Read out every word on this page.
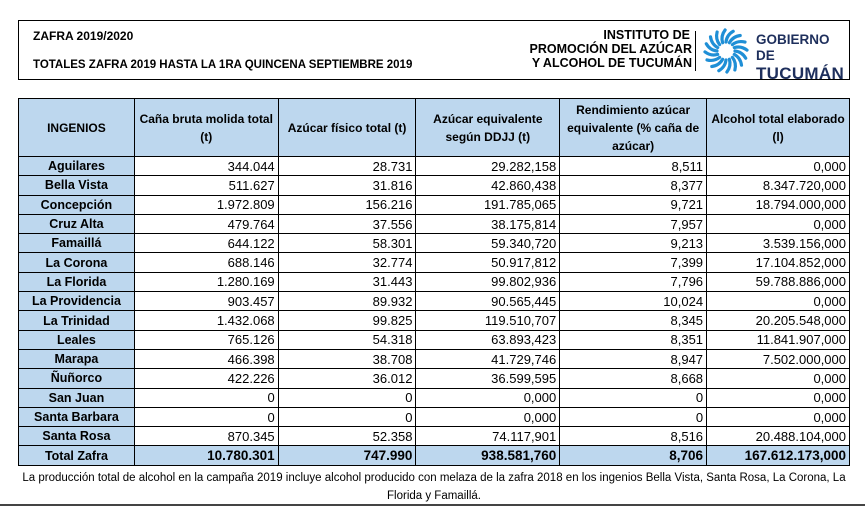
ZAFRA 2019/2020
TOTALES ZAFRA 2019 HASTA LA 1RA QUINCENA SEPTIEMBRE 2019
INSTITUTO DE
PROMOCIÓN DEL AZÚCAR
Y ALCOHOL DE TUCUMÁN
GOBIERNO DE
TUCUMÁN
INGENIOS	Caña bruta molida total (t)	Azúcar físico total (t)	Azúcar equivalente según DDJJ (t)	Rendimiento azúcar equivalente (% caña de azúcar)	Alcohol total elaborado (l)
Aguilares	344.044	28.731	29.282,158	8,511	0,000
Bella Vista	511.627	31.816	42.860,438	8,377	8.347.720,000
Concepción	1.972.809	156.216	191.785,065	9,721	18.794.000,000
Cruz Alta	479.764	37.556	38.175,814	7,957	0,000
Famaillá	644.122	58.301	59.340,720	9,213	3.539.156,000
La Corona	688.146	32.774	50.917,812	7,399	17.104.852,000
La Florida	1.280.169	31.443	99.802,936	7,796	59.788.886,000
La Providencia	903.457	89.932	90.565,445	10,024	0,000
La Trinidad	1.432.068	99.825	119.510,707	8,345	20.205.548,000
Leales	765.126	54.318	63.893,423	8,351	11.841.907,000
Marapa	466.398	38.708	41.729,746	8,947	7.502.000,000
Ñuñorco	422.226	36.012	36.599,595	8,668	0,000
San Juan	0	0	0,000	0	0,000
Santa Barbara	0	0	0,000	0	0,000
Santa Rosa	870.345	52.358	74.117,901	8,516	20.488.104,000
Total Zafra	10.780.301	747.990	938.581,760	8,706	167.612.173,000
La producción total de alcohol en la campaña 2019 incluye alcohol producido con melaza de la zafra 2018 en los ingenios Bella Vista, Santa Rosa, La Corona, La Florida y Famaillá.
